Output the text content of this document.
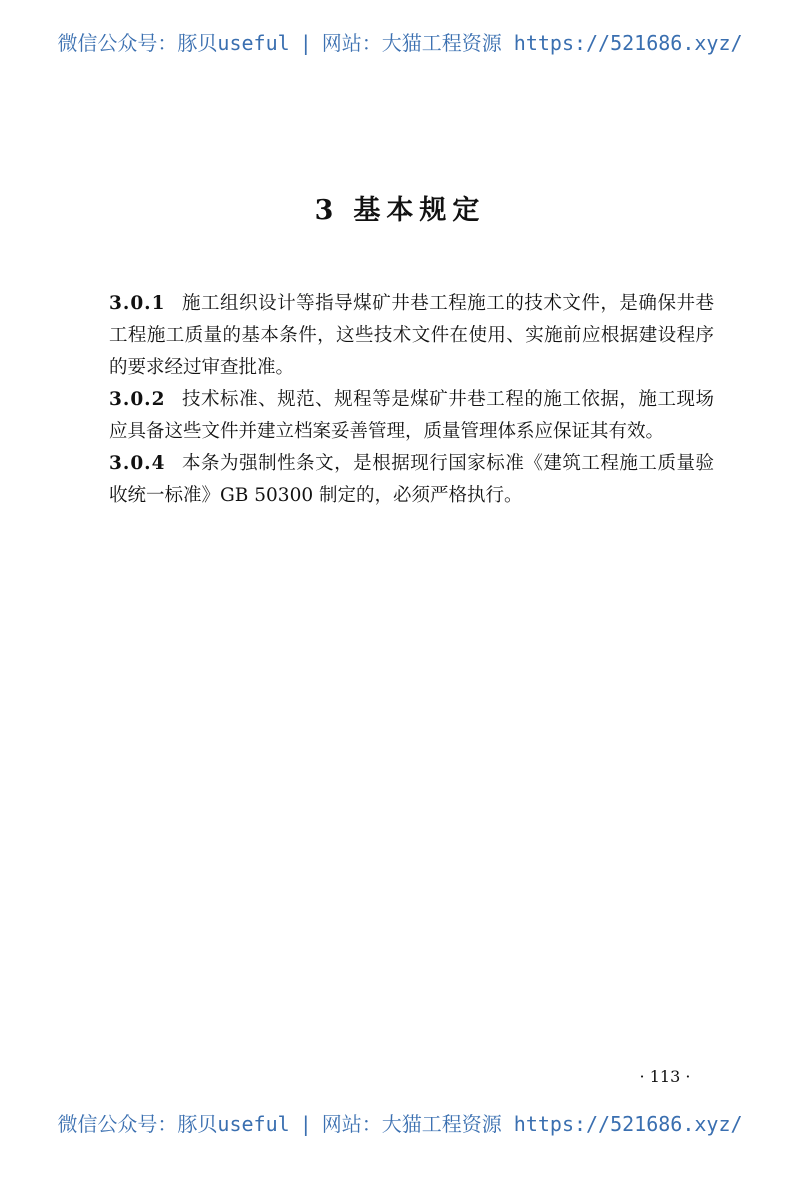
微信公众号：豚贝useful | 网站：大猫工程资源 https://521686.xyz/
3 基本规定

3.0.1 施工组织设计等指导煤矿井巷工程施工的技术文件，是确保井巷工程施工质量的基本条件，这些技术文件在使用、实施前应根据建设程序的要求经过审查批准。

3.0.2 技术标准、规范、规程等是煤矿井巷工程的施工依据，施工现场应具备这些文件并建立档案妥善管理，质量管理体系应保证其有效。

3.0.4 本条为强制性条文，是根据现行国家标准《建筑工程施工质量验收统一标准》GB 50300 制定的，必须严格执行。

· 113 ·
微信公众号：豚贝useful | 网站：大猫工程资源 https://521686.xyz/
